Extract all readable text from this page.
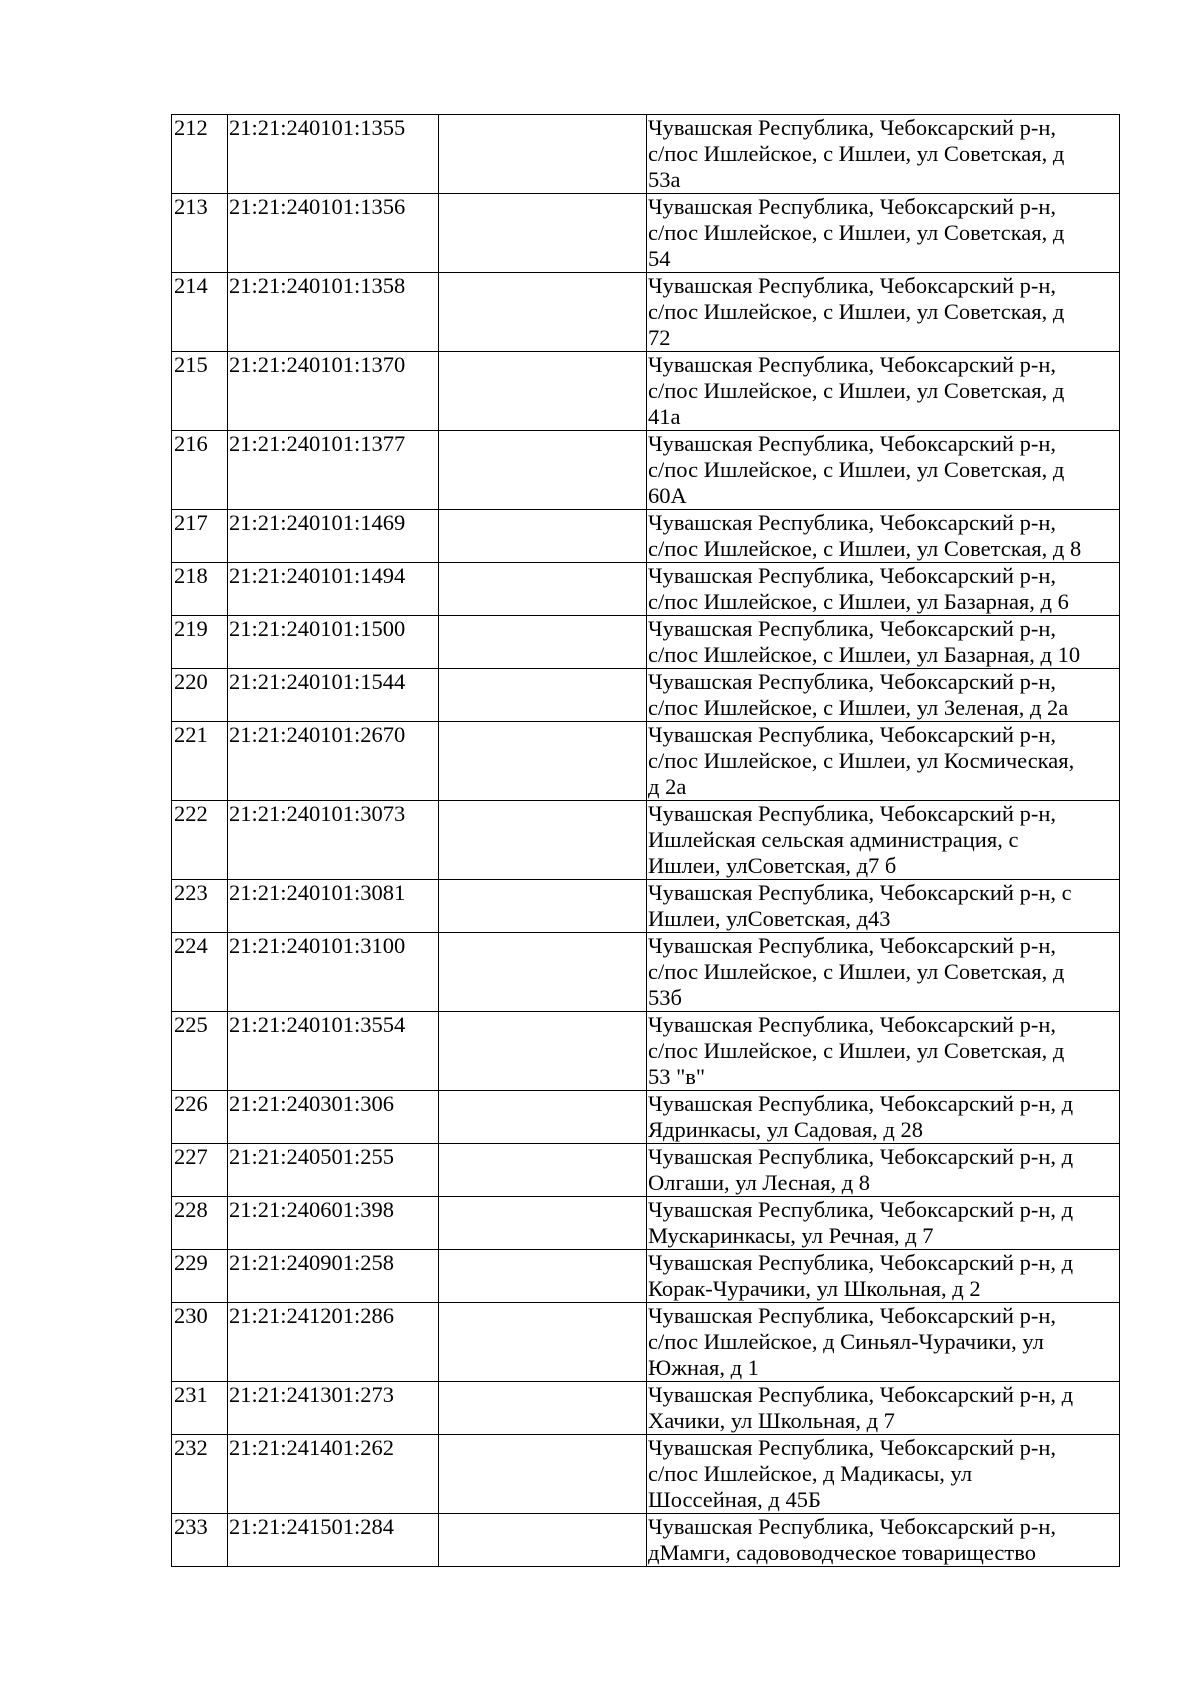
212	21:21:240101:1355		Чувашская Республика, Чебоксарский р-н,
с/пос Ишлейское, с Ишлеи, ул Советская, д
53а

213	21:21:240101:1356		Чувашская Республика, Чебоксарский р-н,
с/пос Ишлейское, с Ишлеи, ул Советская, д
54

214	21:21:240101:1358		Чувашская Республика, Чебоксарский р-н,
с/пос Ишлейское, с Ишлеи, ул Советская, д
72

215	21:21:240101:1370		Чувашская Республика, Чебоксарский р-н,
с/пос Ишлейское, с Ишлеи, ул Советская, д
41а

216	21:21:240101:1377		Чувашская Республика, Чебоксарский р-н,
с/пос Ишлейское, с Ишлеи, ул Советская, д
60А

217	21:21:240101:1469		Чувашская Республика, Чебоксарский р-н,
с/пос Ишлейское, с Ишлеи, ул Советская, д 8

218	21:21:240101:1494		Чувашская Республика, Чебоксарский р-н,
с/пос Ишлейское, с Ишлеи, ул Базарная, д 6

219	21:21:240101:1500		Чувашская Республика, Чебоксарский р-н,
с/пос Ишлейское, с Ишлеи, ул Базарная, д 10

220	21:21:240101:1544		Чувашская Республика, Чебоксарский р-н,
с/пос Ишлейское, с Ишлеи, ул Зеленая, д 2а

221	21:21:240101:2670		Чувашская Республика, Чебоксарский р-н,
с/пос Ишлейское, с Ишлеи, ул Космическая,
д 2а

222	21:21:240101:3073		Чувашская Республика, Чебоксарский р-н,
Ишлейская сельская администрация, с
Ишлеи, улСоветская, д7 б

223	21:21:240101:3081		Чувашская Республика, Чебоксарский р-н, с
Ишлеи, улСоветская, д43

224	21:21:240101:3100		Чувашская Республика, Чебоксарский р-н,
с/пос Ишлейское, с Ишлеи, ул Советская, д
53б

225	21:21:240101:3554		Чувашская Республика, Чебоксарский р-н,
с/пос Ишлейское, с Ишлеи, ул Советская, д
53 "в"

226	21:21:240301:306		Чувашская Республика, Чебоксарский р-н, д
Ядринкасы, ул Садовая, д 28

227	21:21:240501:255		Чувашская Республика, Чебоксарский р-н, д
Олгаши, ул Лесная, д 8

228	21:21:240601:398		Чувашская Республика, Чебоксарский р-н, д
Мускаринкасы, ул Речная, д 7

229	21:21:240901:258		Чувашская Республика, Чебоксарский р-н, д
Корак-Чурачики, ул Школьная, д 2

230	21:21:241201:286		Чувашская Республика, Чебоксарский р-н,
с/пос Ишлейское, д Синьял-Чурачики, ул
Южная, д 1

231	21:21:241301:273		Чувашская Республика, Чебоксарский р-н, д
Хачики, ул Школьная, д 7

232	21:21:241401:262		Чувашская Республика, Чебоксарский р-н,
с/пос Ишлейское, д Мадикасы, ул
Шоссейная, д 45Б

233	21:21:241501:284		Чувашская Республика, Чебоксарский р-н,
дМамги, садововодческое товарищество
